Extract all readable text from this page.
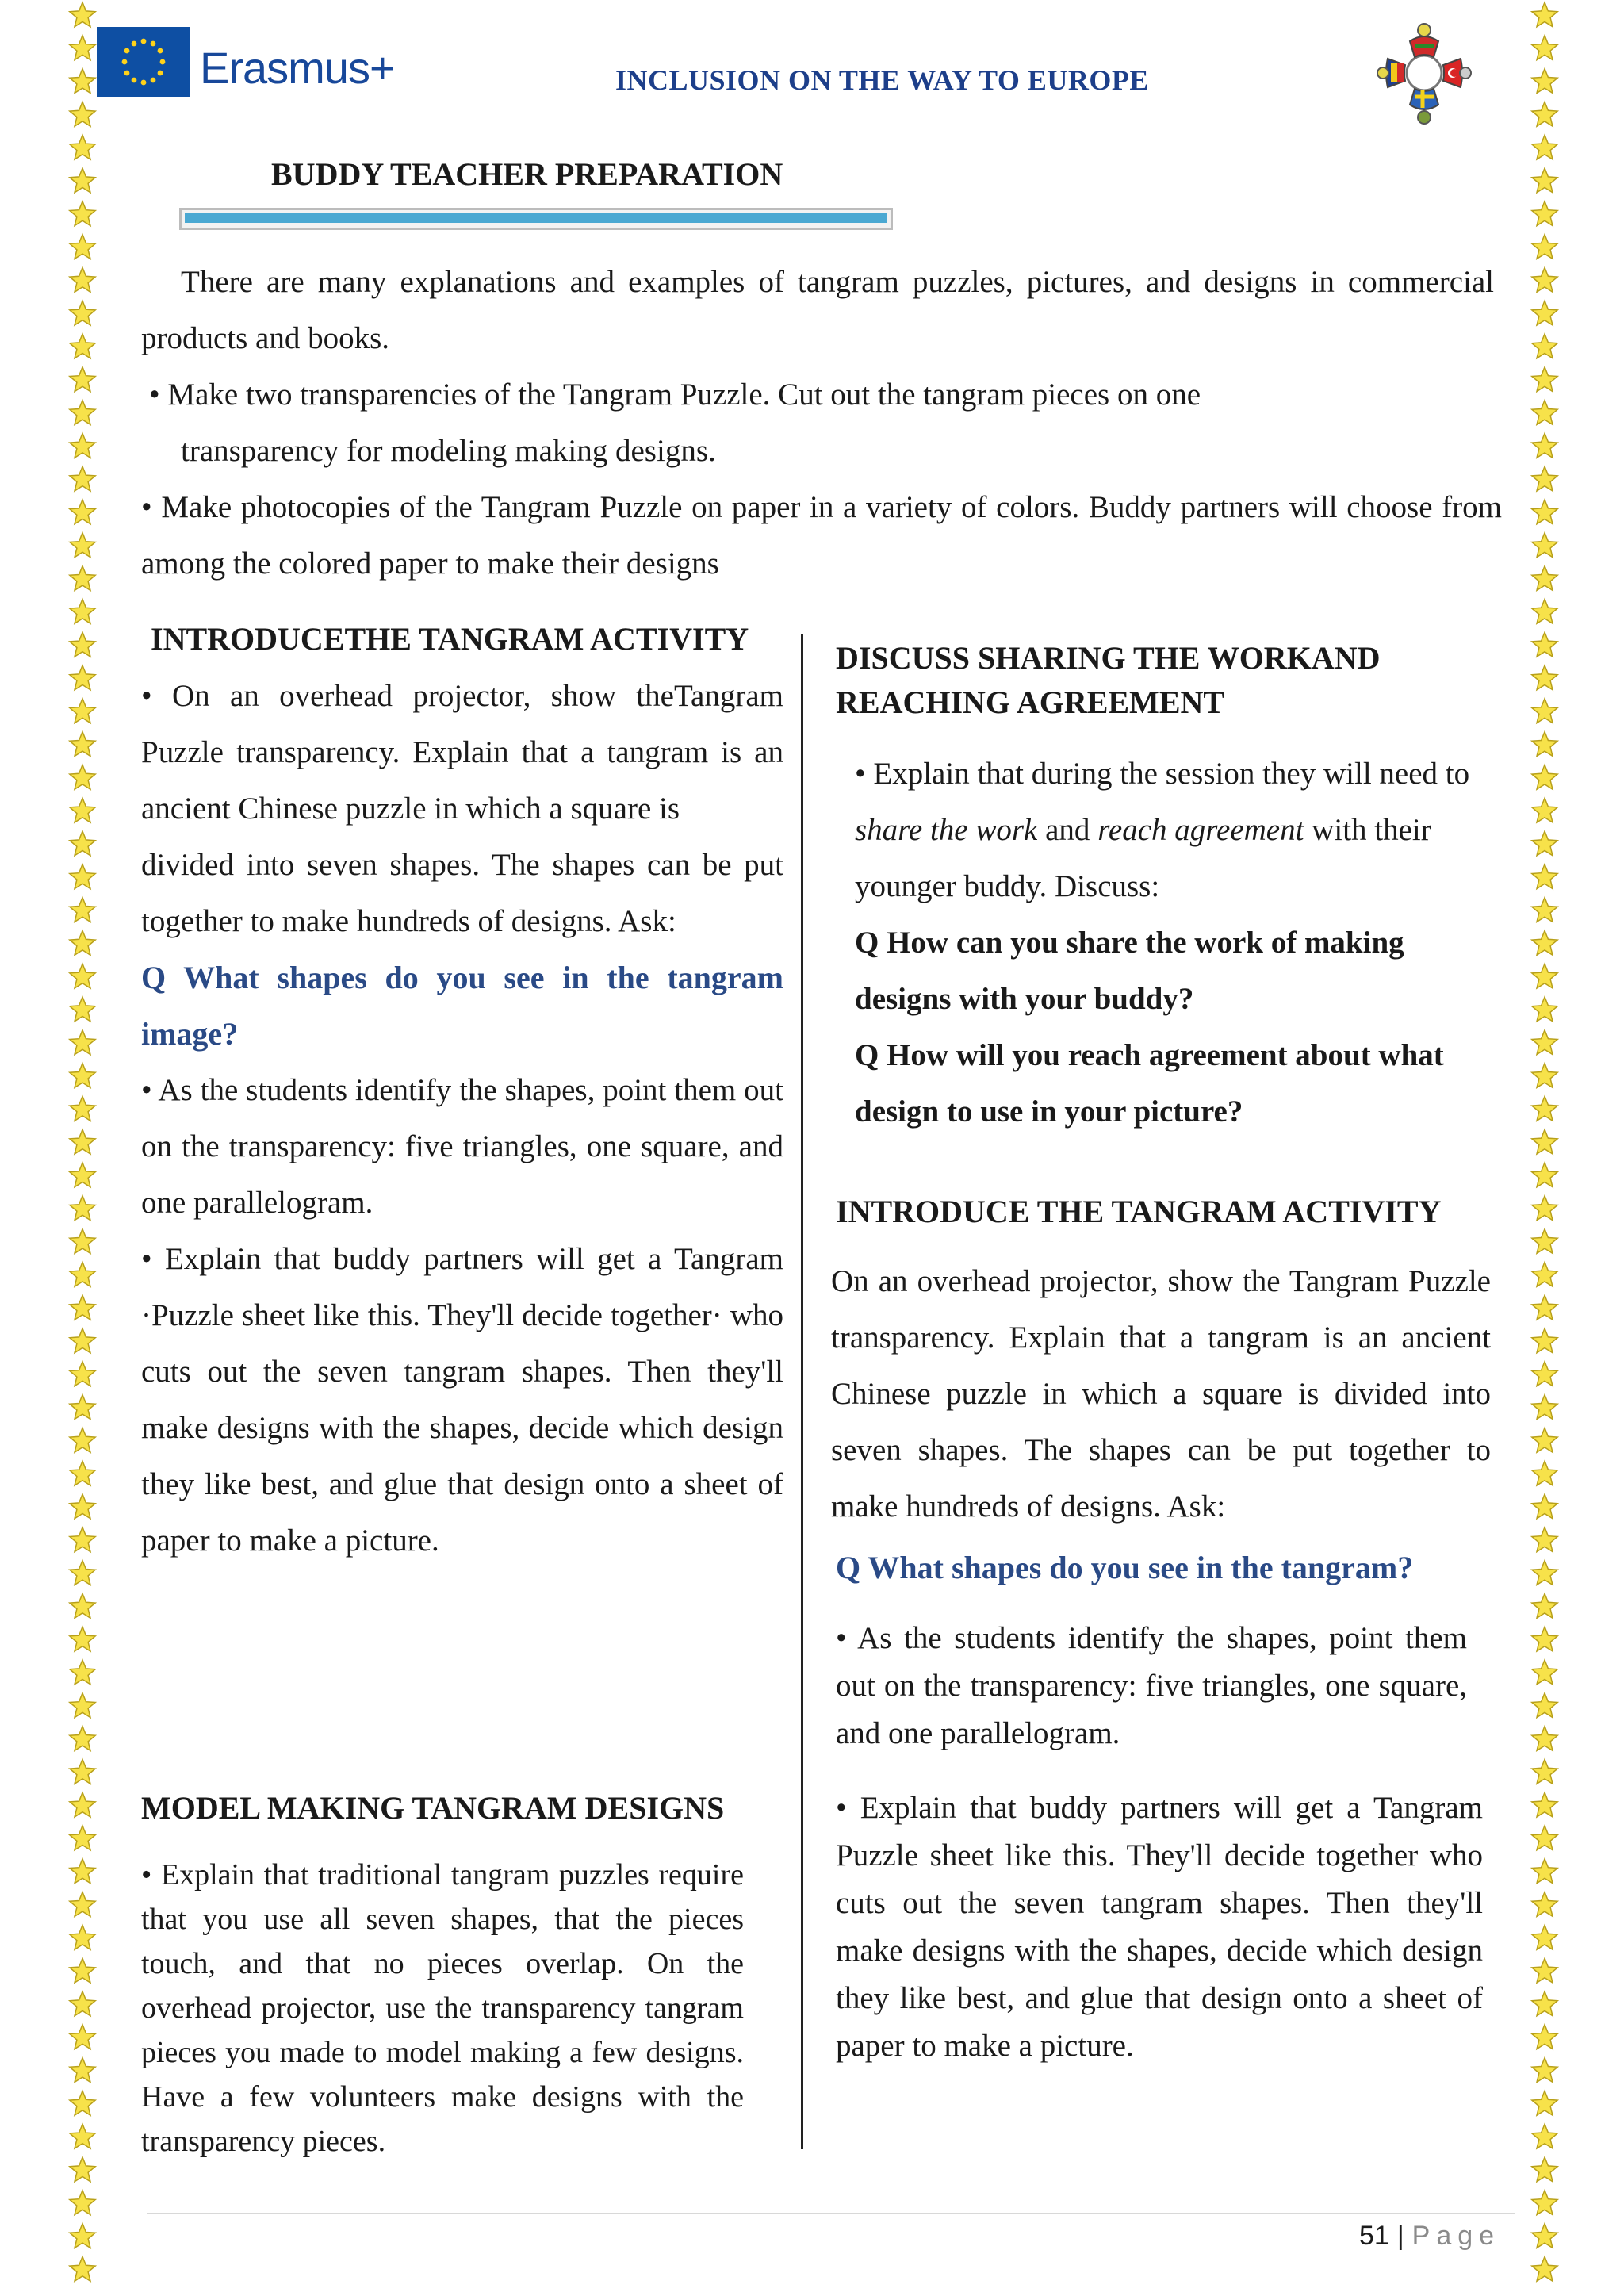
Erasmus+	INCLUSION ON THE WAY TO EUROPE
BUDDY TEACHER PREPARATION

There are many explanations and examples of tangram puzzles, pictures, and designs in commercial products and books.

• Make two transparencies of the Tangram Puzzle. Cut out the tangram pieces on one

transparency for modeling making designs.

• Make photocopies of the Tangram Puzzle on paper in a variety of colors. Buddy partners will choose from among the colored paper to make their designs

INTRODUCETHE TANGRAM ACTIVITY

• On an overhead projector, show theTangram Puzzle transparency. Explain that a tangram is an ancient Chinese puzzle in which a square is

divided into seven shapes. The shapes can be put together to make hundreds of designs. Ask:

Q What shapes do you see in the tangram image?

• As the students identify the shapes, point them out on the transparency: five triangles, one square, and one parallelogram.

• Explain that buddy partners will get a Tangram ·Puzzle sheet like this. They'll decide together· who cuts out the seven tangram shapes. Then they'll make designs with the shapes, decide which design they like best, and glue that design onto a sheet of paper to make a picture.

MODEL MAKING TANGRAM DESIGNS

• Explain that traditional tangram puzzles require that you use all seven shapes, that the pieces touch, and that no pieces overlap. On the overhead projector, use the transparency tangram pieces you made to model making a few designs. Have a few volunteers make designs with the transparency pieces.

DISCUSS SHARING THE WORKAND
REACHING AGREEMENT

• Explain that during the session they will need to share the work and reach agreement with their younger buddy. Discuss:

Q How can you share the work of making designs with your buddy?

Q How will you reach agreement about what design to use in your picture?

INTRODUCE THE TANGRAM ACTIVITY

On an overhead projector, show the Tangram Puzzle transparency. Explain that a tangram is an ancient Chinese puzzle in which a square is divided into seven shapes. The shapes can be put together to make hundreds of designs. Ask:

Q What shapes do you see in the tangram?

• As the students identify the shapes, point them out on the transparency: five triangles, one square, and one parallelogram.

• Explain that buddy partners will get a Tangram Puzzle sheet like this. They'll decide together who cuts out the seven tangram shapes. Then they'll make designs with the shapes, decide which design they like best, and glue that design onto a sheet of paper to make a picture.

51 | Page
